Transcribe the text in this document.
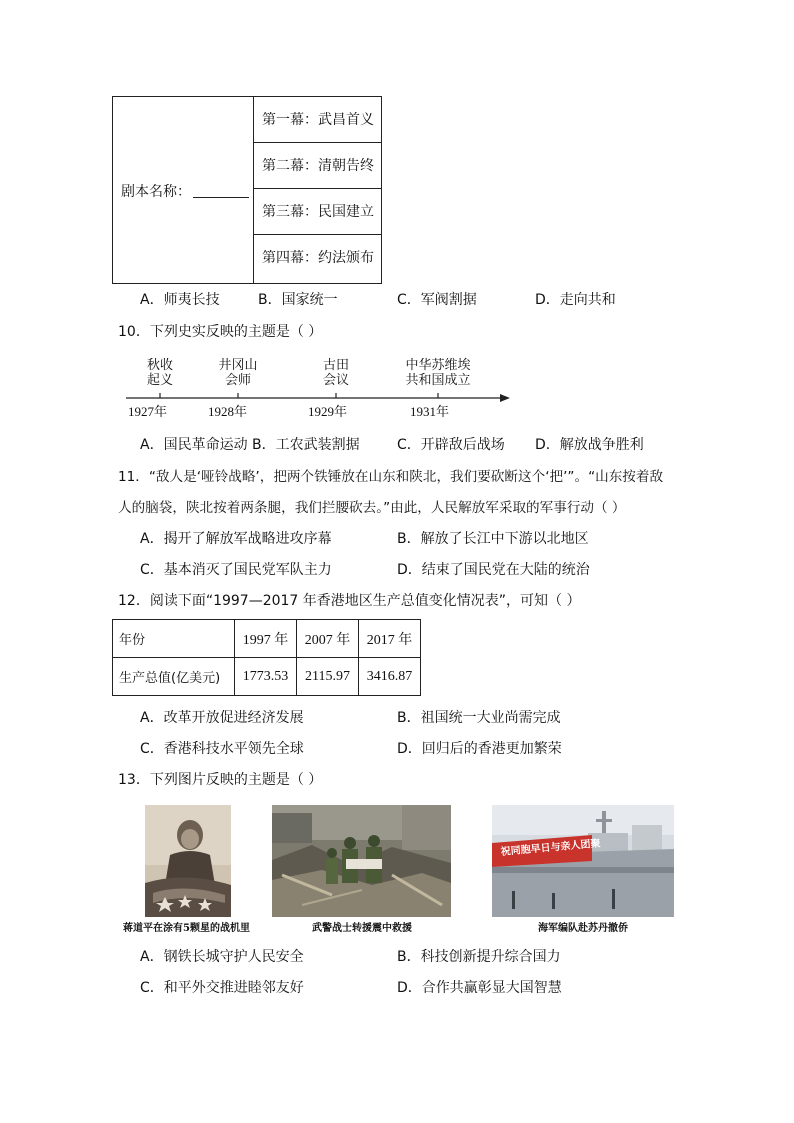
剧本名称：
第一幕：武昌首义
第二幕：清朝告终
第三幕：民国建立
第四幕：约法颁布
A．师夷长技	B．国家统一	C．军阀割据	D．走向共和
10．下列史实反映的主题是（ ）
秋收
起义
井冈山
会师
古田
会议
中华苏维埃
共和国成立
1927年	1928年	1929年	1931年
A．国民革命运动 B．工农武装割据	C．开辟敌后战场 D．解放战争胜利
11．“敌人是‘哑铃战略’，把两个铁锤放在山东和陕北，我们要砍断这个‘把’”。“山东按着敌
人的脑袋，陕北按着两条腿，我们拦腰砍去。”由此，人民解放军采取的军事行动（ ）
A．揭开了解放军战略进攻序幕	B．解放了长江中下游以北地区
C．基本消灭了国民党军队主力	D．结束了国民党在大陆的统治
12．阅读下面“1997—2017 年香港地区生产总值变化情况表”，可知（ ）
年份	1997 年	2007 年	2017 年
生产总值(亿美元)	1773.53	2115.97	3416.87
A．改革开放促进经济发展	B．祖国统一大业尚需完成
C．香港科技水平领先全球	D．回归后的香港更加繁荣
13．下列图片反映的主题是（ ）
蒋道平在涂有5颗星的战机里	武警战士转援震中救援
祝同胞早日与亲人团聚
海军编队赴苏丹撤侨
A．钢铁长城守护人民安全	B．科技创新提升综合国力
C．和平外交推进睦邻友好	D．合作共赢彰显大国智慧
